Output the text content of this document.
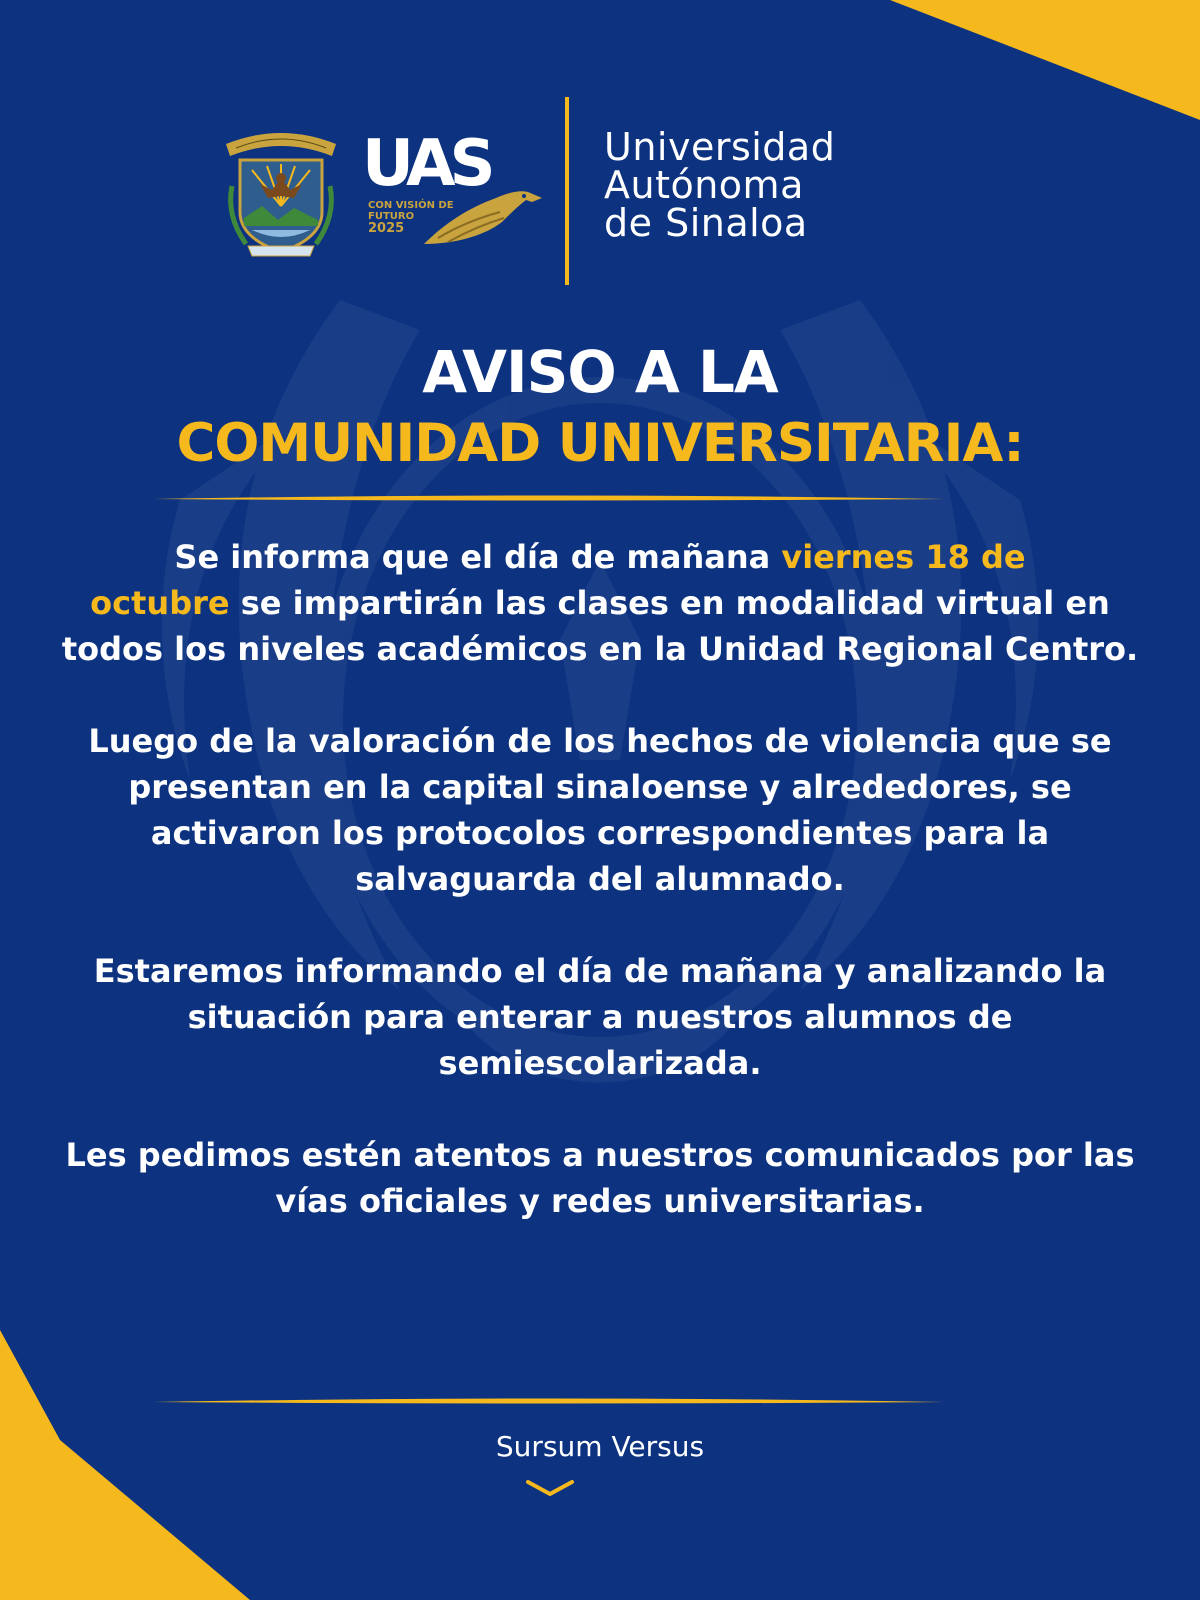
UAS
CON VISIÓN DE
FUTURO
2025
Universidad
Autónoma
de Sinaloa
AVISO A LA
COMUNIDAD UNIVERSITARIA:

Se informa que el día de mañana viernes 18 de
octubre se impartirán las clases en modalidad virtual en todos los niveles académicos en la Unidad Regional Centro.

Luego de la valoración de los hechos de violencia que se presentan en la capital sinaloense y alrededores, se activaron los protocolos correspondientes para la salvaguarda del alumnado.

Estaremos informando el día de mañana y analizando la situación para enterar a nuestros alumnos de semiescolarizada.

Les pedimos estén atentos a nuestros comunicados por las vías oficiales y redes universitarias.

Sursum Versus
